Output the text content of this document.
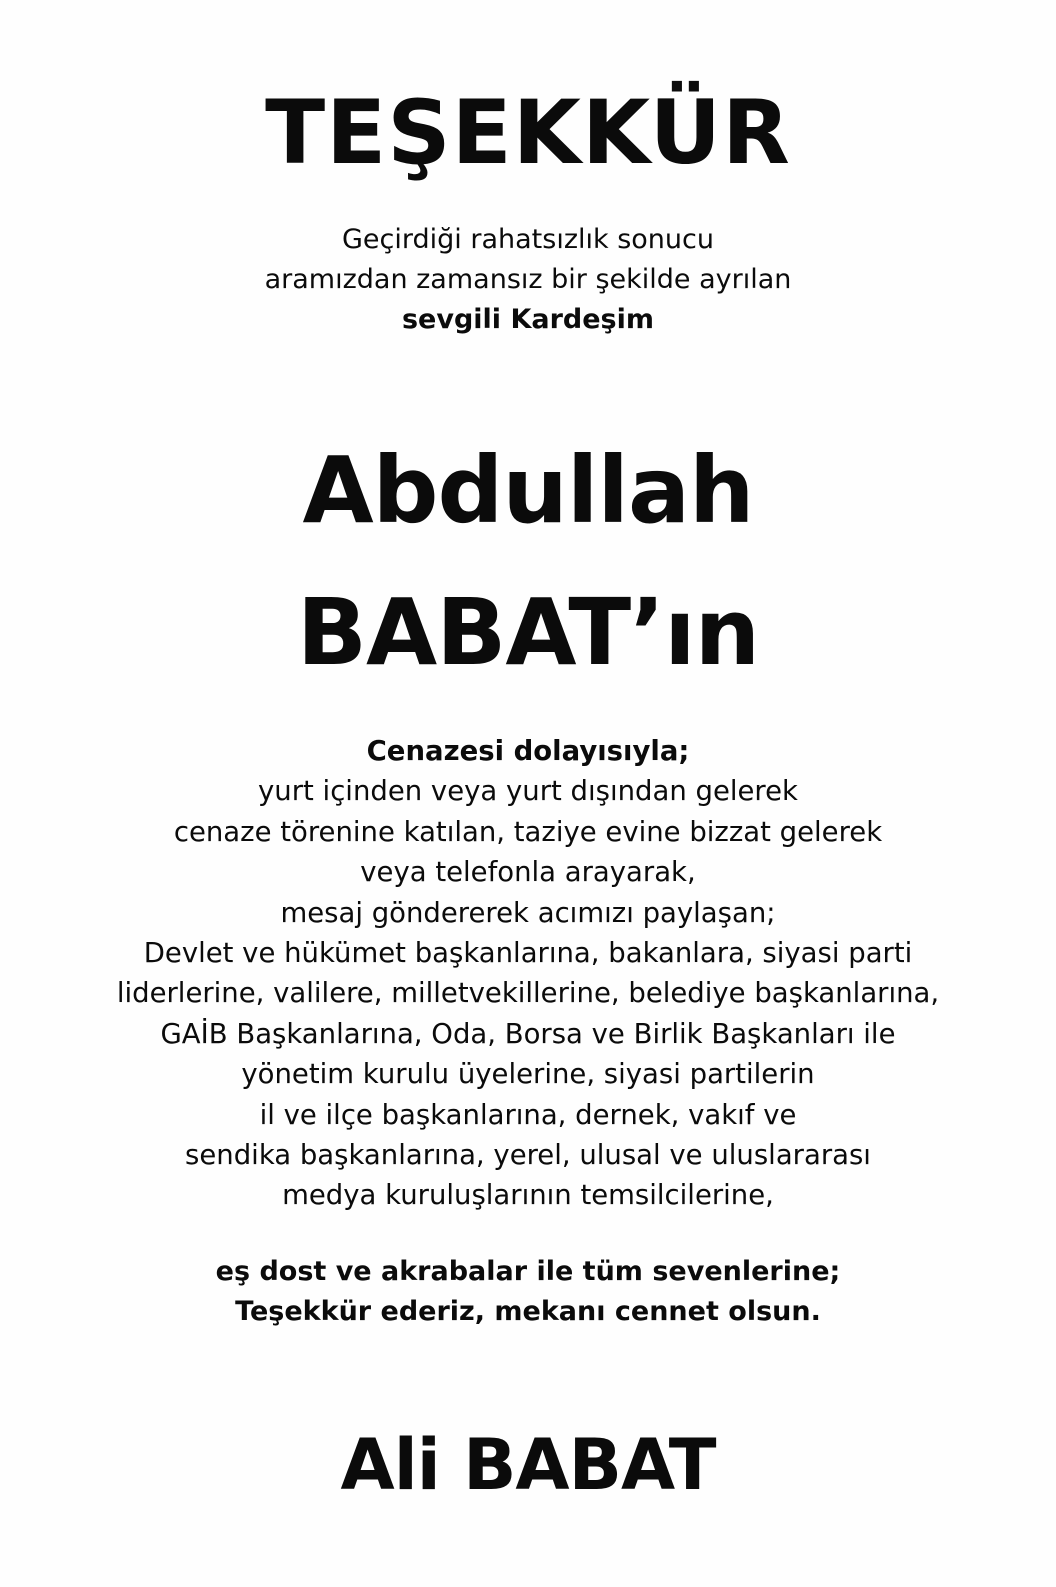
TEŞEKKÜR
Geçirdiği rahatsızlık sonucu
aramızdan zamansız bir şekilde ayrılan
sevgili Kardeşim
Abdullah
BABAT’ın
Cenazesi dolayısıyla;
yurt içinden veya yurt dışından gelerek
cenaze törenine katılan, taziye evine bizzat gelerek
veya telefonla arayarak,
mesaj göndererek acımızı paylaşan;
Devlet ve hükümet başkanlarına, bakanlara, siyasi parti
liderlerine, valilere, milletvekillerine, belediye başkanlarına,
GAİB Başkanlarına, Oda, Borsa ve Birlik Başkanları ile
yönetim kurulu üyelerine, siyasi partilerin
il ve ilçe başkanlarına, dernek, vakıf ve
sendika başkanlarına, yerel, ulusal ve uluslararası
medya kuruluşlarının temsilcilerine,
eş dost ve akrabalar ile tüm sevenlerine;
Teşekkür ederiz, mekanı cennet olsun.
Ali BABAT
